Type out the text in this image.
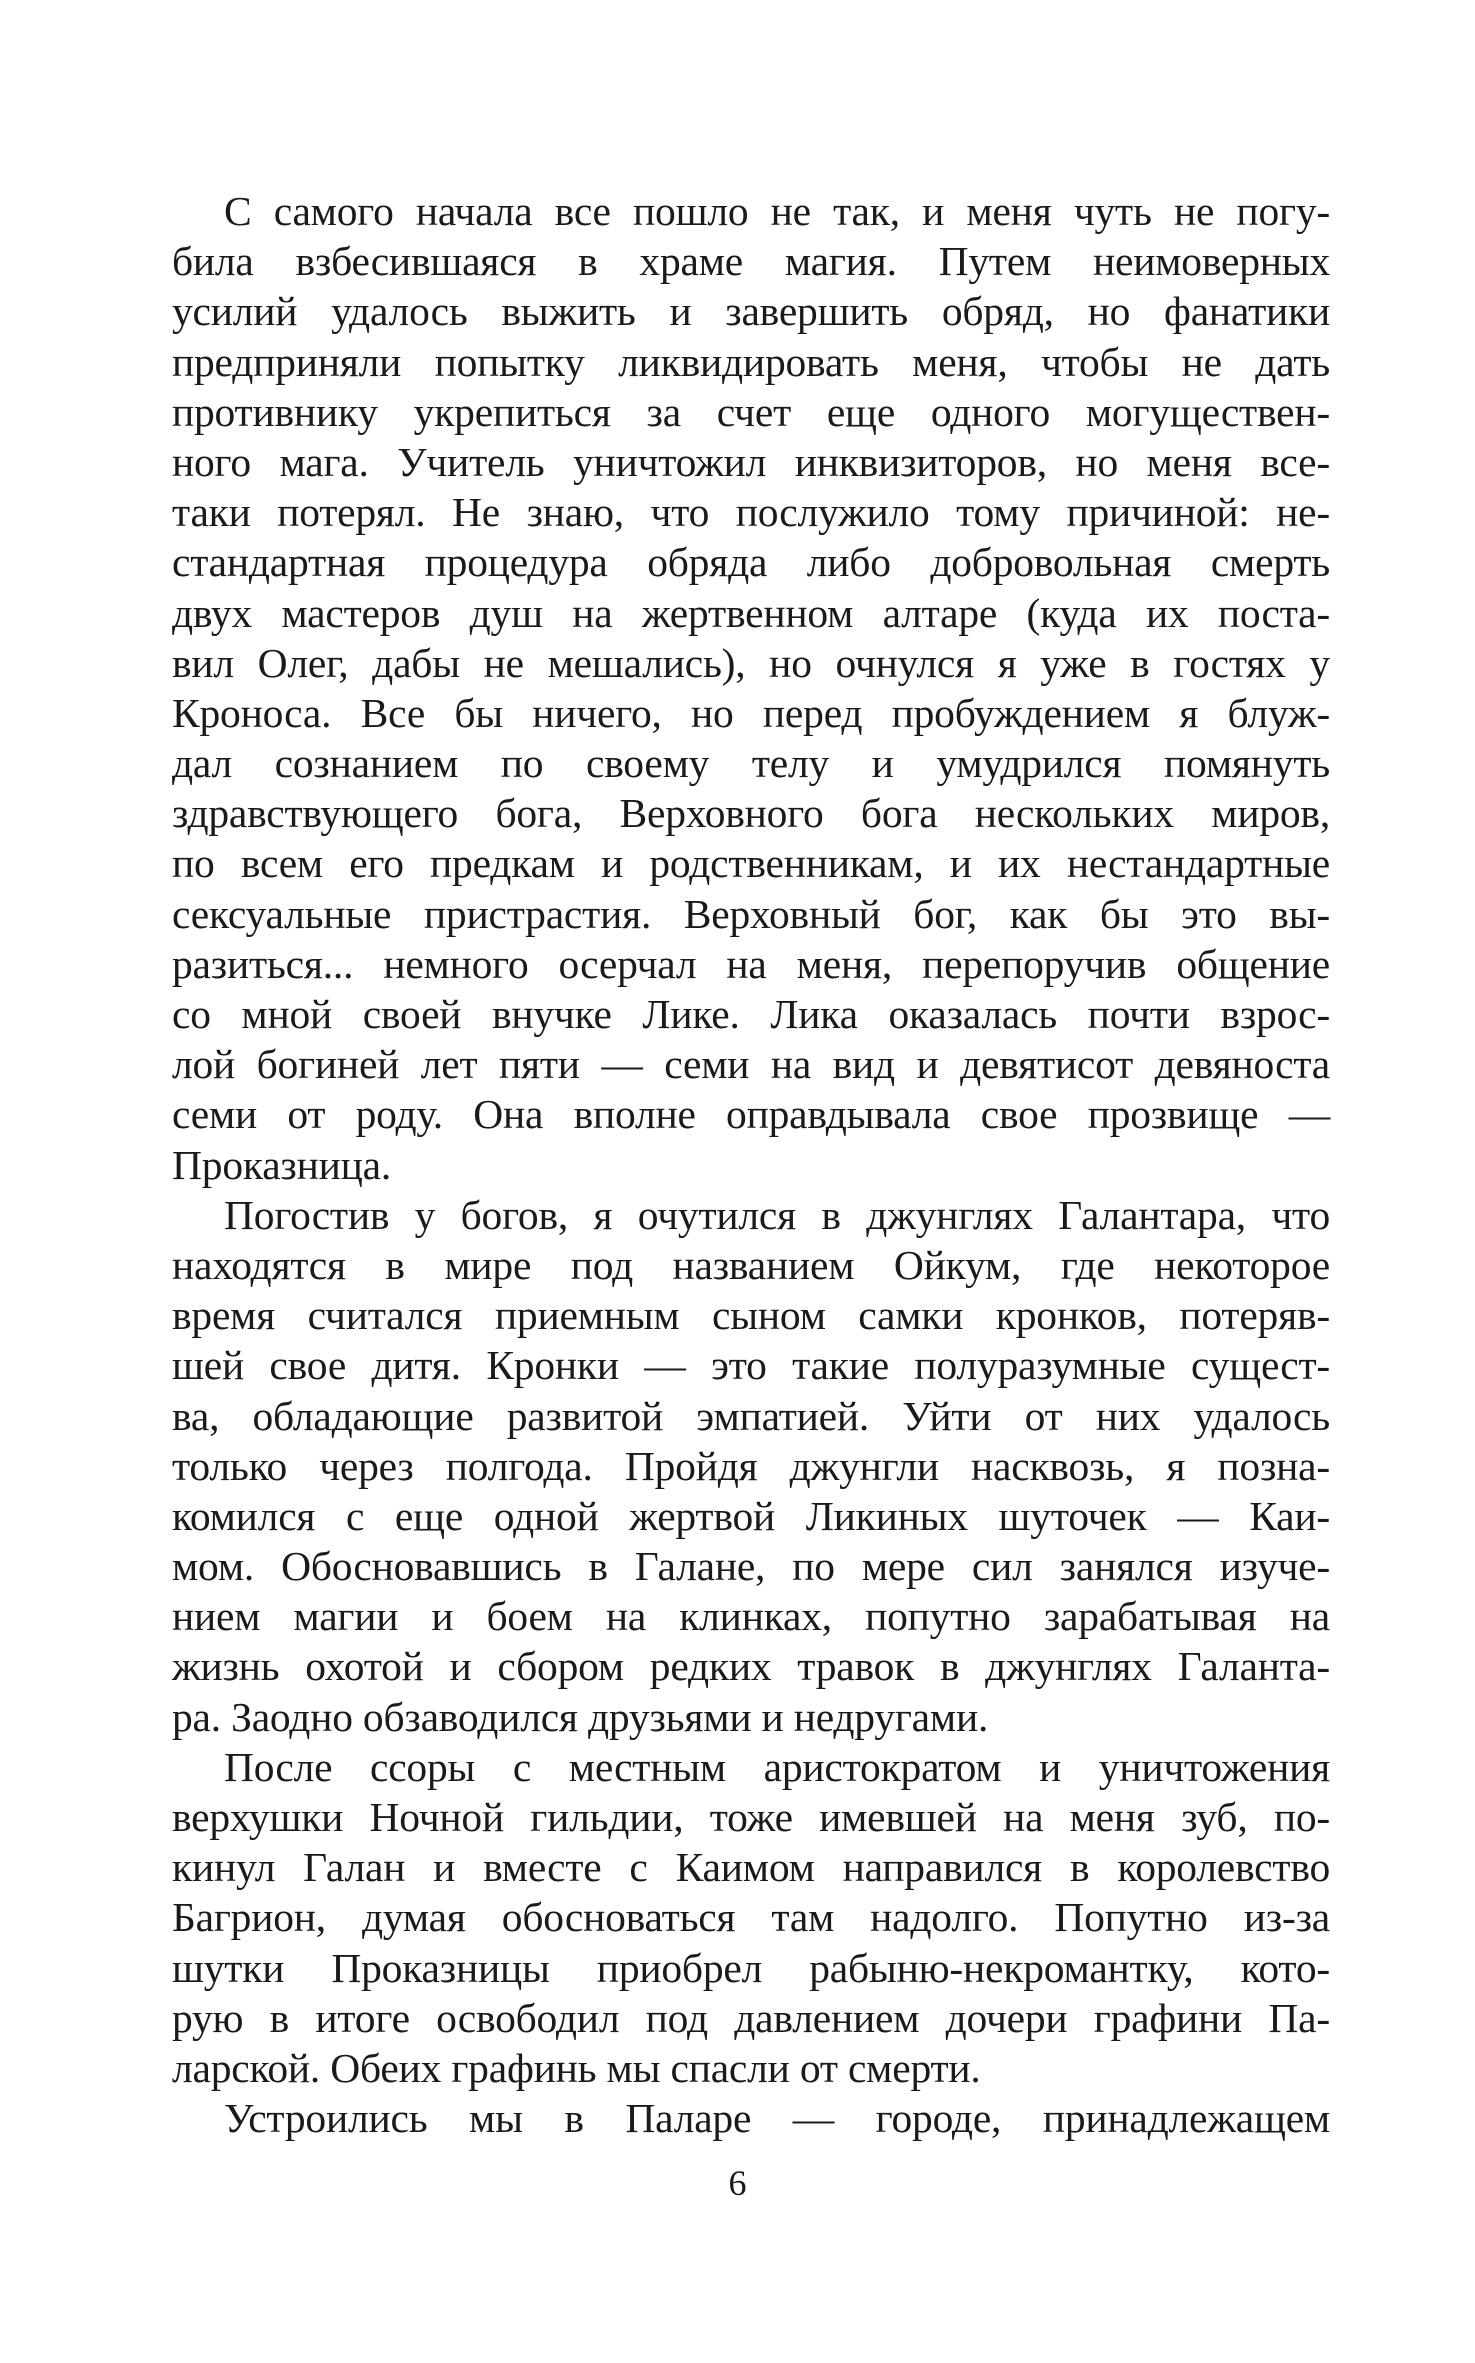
С самого начала все пошло не так, и меня чуть не погу-
била взбесившаяся в храме магия. Путем неимоверных
усилий удалось выжить и завершить обряд, но фанатики
предприняли попытку ликвидировать меня, чтобы не дать
противнику укрепиться за счет еще одного могуществен-
ного мага. Учитель уничтожил инквизиторов, но меня все-
таки потерял. Не знаю, что послужило тому причиной: не-
стандартная процедура обряда либо добровольная смерть
двух мастеров душ на жертвенном алтаре (куда их поста-
вил Олег, дабы не мешались), но очнулся я уже в гостях у
Кроноса. Все бы ничего, но перед пробуждением я блуж-
дал сознанием по своему телу и умудрился помянуть
здравствующего бога, Верховного бога нескольких миров,
по всем его предкам и родственникам, и их нестандартные
сексуальные пристрастия. Верховный бог, как бы это вы-
разиться... немного осерчал на меня, перепоручив общение
со мной своей внучке Лике. Лика оказалась почти взрос-
лой богиней лет пяти — семи на вид и девятисот девяноста
семи от роду. Она вполне оправдывала свое прозвище —
Проказница.
Погостив у богов, я очутился в джунглях Галантара, что
находятся в мире под названием Ойкум, где некоторое
время считался приемным сыном самки кронков, потеряв-
шей свое дитя. Кронки — это такие полуразумные сущест-
ва, обладающие развитой эмпатией. Уйти от них удалось
только через полгода. Пройдя джунгли насквозь, я позна-
комился с еще одной жертвой Ликиных шуточек — Каи-
мом. Обосновавшись в Галане, по мере сил занялся изуче-
нием магии и боем на клинках, попутно зарабатывая на
жизнь охотой и сбором редких травок в джунглях Галанта-
ра. Заодно обзаводился друзьями и недругами.
После ссоры с местным аристократом и уничтожения
верхушки Ночной гильдии, тоже имевшей на меня зуб, по-
кинул Галан и вместе с Каимом направился в королевство
Багрион, думая обосноваться там надолго. Попутно из-за
шутки Проказницы приобрел рабыню-некромантку, кото-
рую в итоге освободил под давлением дочери графини Па-
ларской. Обеих графинь мы спасли от смерти.
Устроились мы в Паларе — городе, принадлежащем
6
